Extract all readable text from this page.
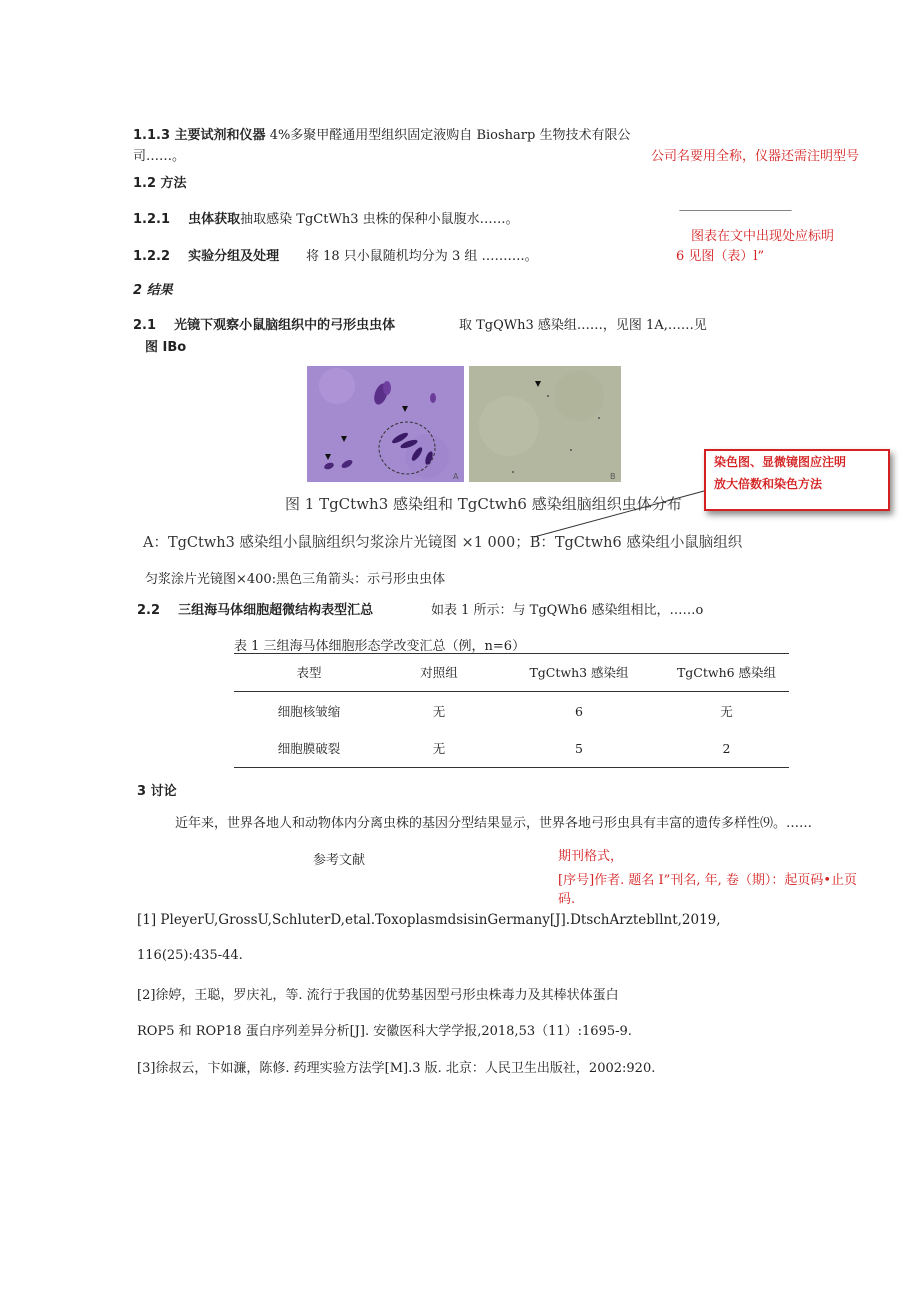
1.1.3 主要试剂和仪器 4%多聚甲醛通用型组织固定液购自 Biosharp 生物技术有限公
司……。	公司名要用全称，仪器还需注明型号
1.2 方法
1.2.1 虫体获取抽取感染 TgCtWh3 虫株的保种小鼠腹水……。
——————————————
图表在文中出现处应标明
1.2.2 实验分组及处理 将 18 只小鼠随机均分为 3 组 ……….。	6 见图（表）l”
2 结果
2.1 光镜下观察小鼠脑组织中的弓形虫虫体	取 TgQWh3 感染组……，见图 1A,……见
图 IBo
A	B
图 1 TgCtwh3 感染组和 TgCtwh6 感染组脑组织虫体分布
染色图、显微镜图应注明
放大倍数和染色方法
A：TgCtwh3 感染组小鼠脑组织匀浆涂片光镜图 ×1 000；B：TgCtwh6 感染组小鼠脑组织
匀浆涂片光镜图×400:黑色三角箭头：示弓形虫虫体
2.2 三组海马体细胞超微结构表型汇总	如表 1 所示：与 TgQWh6 感染组相比，……o
表 1 三组海马体细胞形态学改变汇总（例，n=6）
表型	对照组	TgCtwh3 感染组	TgCtwh6 感染组
细胞核皱缩	无	6	无
细胞膜破裂	无	5	2
3 讨论
近年来，世界各地人和动物体内分离虫株的基因分型结果显示，世界各地弓形虫具有丰富的遗传多样性⑼。……
参考文献	期刊格式，
[序号]作者. 题名 I”刊名, 年, 卷（期）：起页码•止页
码.
[1] PleyerU,GrossU,SchluterD,etal.ToxoplasmdsisinGermany[J].DtschArztebllnt,2019,
116(25):435-44.
[2]徐婷，王聪，罗庆礼，等. 流行于我国的优势基因型弓形虫株毒力及其棒状体蛋白
ROP5 和 ROP18 蛋白序列差异分析[J]. 安徽医科大学学报,2018,53（11）:1695-9.
[3]徐叔云，卞如濂，陈修. 药理实验方法学[M].3 版. 北京：人民卫生出版社，2002:920.
